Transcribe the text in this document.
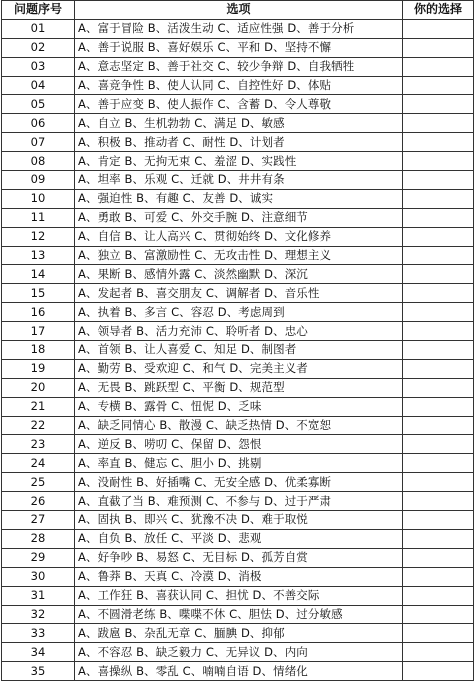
问题序号	选项	你的选择
01	A、富于冒险 B、活泼生动 C、适应性强 D、善于分析	
02	A、善于说服 B、喜好娱乐 C、平和 D、坚持不懈	
03	A、意志坚定 B、善于社交 C、较少争辩 D、自我牺牲	
04	A、喜竞争性 B、使人认同 C、自控性好 D、体贴	
05	A、善于应变 B、使人振作 C、含蓄 D、令人尊敬	
06	A、自立 B、生机勃勃 C、满足 D、敏感	
07	A、积极 B、推动者 C、耐性 D、计划者	
08	A、肯定 B、无拘无束 C、羞涩 D、实践性	
09	A、坦率 B、乐观 C、迁就 D、井井有条	
10	A、强迫性 B、有趣 C、友善 D、诚实	
11	A、勇敢 B、可爱 C、外交手腕 D、注意细节	
12	A、自信 B、让人高兴 C、贯彻始终 D、文化修养	
13	A、独立 B、富激励性 C、无攻击性 D、理想主义	
14	A、果断 B、感情外露 C、淡然幽默 D、深沉	
15	A、发起者 B、喜交朋友 C、调解者 D、音乐性	
16	A、执着 B、多言 C、容忍 D、考虑周到	
17	A、领导者 B、活力充沛 C、聆听者 D、忠心	
18	A、首领 B、让人喜爱 C、知足 D、制图者	
19	A、勤劳 B、受欢迎 C、和气 D、完美主义者	
20	A、无畏 B、跳跃型 C、平衡 D、规范型	
21	A、专横 B、露骨 C、忸怩 D、乏味	
22	A、缺乏同情心 B、散漫 C、缺乏热情 D、不宽恕	
23	A、逆反 B、唠叨 C、保留 D、怨恨	
24	A、率直 B、健忘 C、胆小 D、挑剔	
25	A、没耐性 B、好插嘴 C、无安全感 D、优柔寡断	
26	A、直截了当 B、难预测 C、不参与 D、过于严肃	
27	A、固执 B、即兴 C、犹豫不决 D、难于取悦	
28	A、自负 B、放任 C、平淡 D、悲观	
29	A、好争吵 B、易怒 C、无目标 D、孤芳自赏	
30	A、鲁莽 B、天真 C、冷漠 D、消极	
31	A、工作狂 B、喜获认同 C、担忧 D、不善交际	
32	A、不圆滑老练 B、喋喋不休 C、胆怯 D、过分敏感	
33	A、跋扈 B、杂乱无章 C、腼腆 D、抑郁	
34	A、不容忍 B、缺乏毅力 C、无异议 D、内向	
35	A、喜操纵 B、零乱 C、喃喃自语 D、情绪化	
